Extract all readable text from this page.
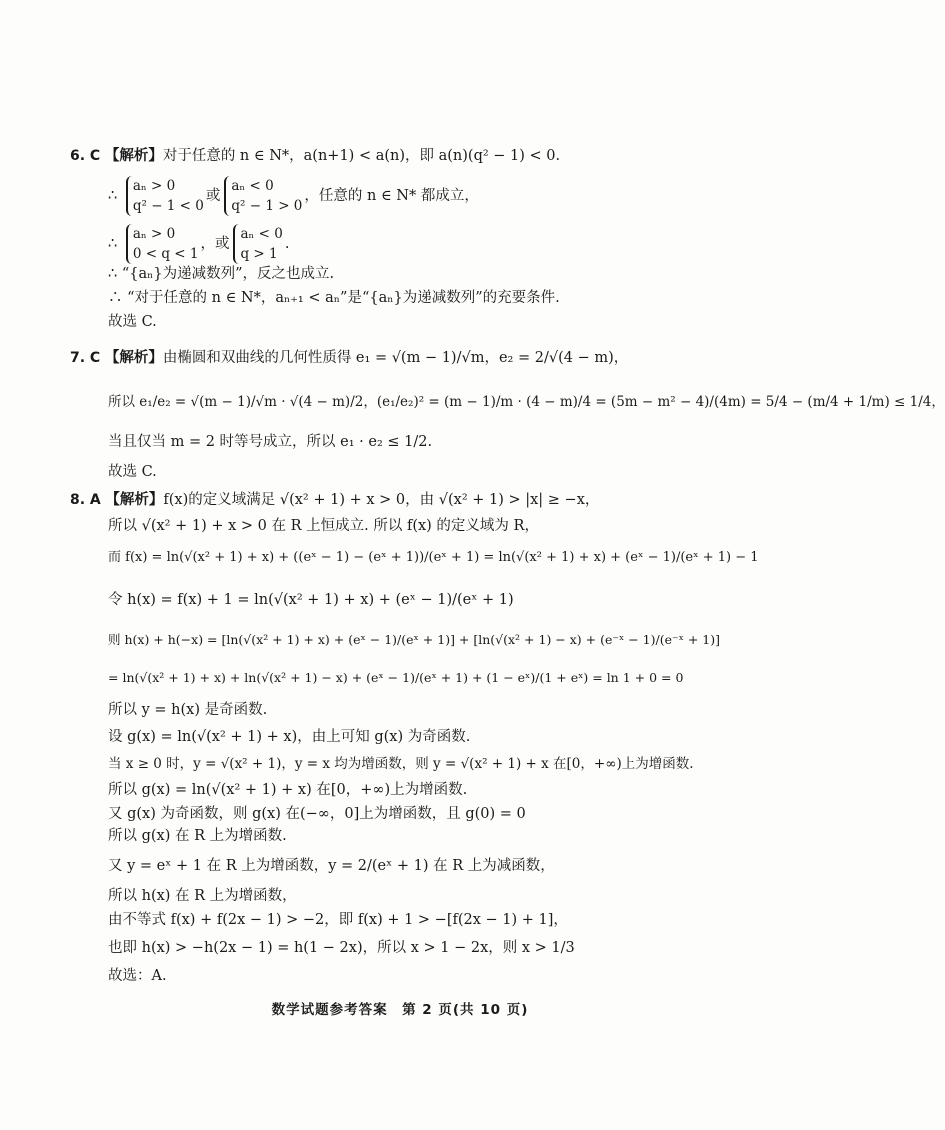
6. C 【解析】对于任意的 n ∈ N*，a(n+1) < a(n)，即 a(n)(q² − 1) < 0.
∴ aₙ > 0
q² − 1 < 0或aₙ < 0
q² − 1 > 0，任意的 n ∈ N* 都成立，
∴ aₙ > 0
0 < q < 1，或aₙ < 0
q > 1.
∴ “{aₙ}为递减数列”，反之也成立.
∴ “对于任意的 n ∈ N*，aₙ₊₁ < aₙ”是“{aₙ}为递减数列”的充要条件.
故选 C.
7. C 【解析】由椭圆和双曲线的几何性质得 e₁ = √(m − 1)/√m，e₂ = 2/√(4 − m)，
所以 e₁/e₂ = √(m − 1)/√m · √(4 − m)/2，(e₁/e₂)² = (m − 1)/m · (4 − m)/4 = (5m − m² − 4)/(4m) = 5/4 − (m/4 + 1/m) ≤ 1/4，
当且仅当 m = 2 时等号成立，所以 e₁ · e₂ ≤ 1/2.
故选 C.
8. A 【解析】f(x)的定义域满足 √(x² + 1) + x > 0，由 √(x² + 1) > |x| ≥ −x，
所以 √(x² + 1) + x > 0 在 R 上恒成立. 所以 f(x) 的定义域为 R，
而 f(x) = ln(√(x² + 1) + x) + ((eˣ − 1) − (eˣ + 1))/(eˣ + 1) = ln(√(x² + 1) + x) + (eˣ − 1)/(eˣ + 1) − 1
令 h(x) = f(x) + 1 = ln(√(x² + 1) + x) + (eˣ − 1)/(eˣ + 1)
则 h(x) + h(−x) = [ln(√(x² + 1) + x) + (eˣ − 1)/(eˣ + 1)] + [ln(√(x² + 1) − x) + (e⁻ˣ − 1)/(e⁻ˣ + 1)]
= ln(√(x² + 1) + x) + ln(√(x² + 1) − x) + (eˣ − 1)/(eˣ + 1) + (1 − eˣ)/(1 + eˣ) = ln 1 + 0 = 0
所以 y = h(x) 是奇函数.
设 g(x) = ln(√(x² + 1) + x)，由上可知 g(x) 为奇函数.
当 x ≥ 0 时，y = √(x² + 1)，y = x 均为增函数，则 y = √(x² + 1) + x 在[0，+∞)上为增函数.
所以 g(x) = ln(√(x² + 1) + x) 在[0，+∞)上为增函数.
又 g(x) 为奇函数，则 g(x) 在(−∞，0]上为增函数，且 g(0) = 0
所以 g(x) 在 R 上为增函数.
又 y = eˣ + 1 在 R 上为增函数，y = 2/(eˣ + 1) 在 R 上为减函数，
所以 h(x) 在 R 上为增函数，
由不等式 f(x) + f(2x − 1) > −2，即 f(x) + 1 > −[f(2x − 1) + 1]，
也即 h(x) > −h(2x − 1) = h(1 − 2x)，所以 x > 1 − 2x，则 x > 1/3
故选：A.
数学试题参考答案　第 2 页(共 10 页)
